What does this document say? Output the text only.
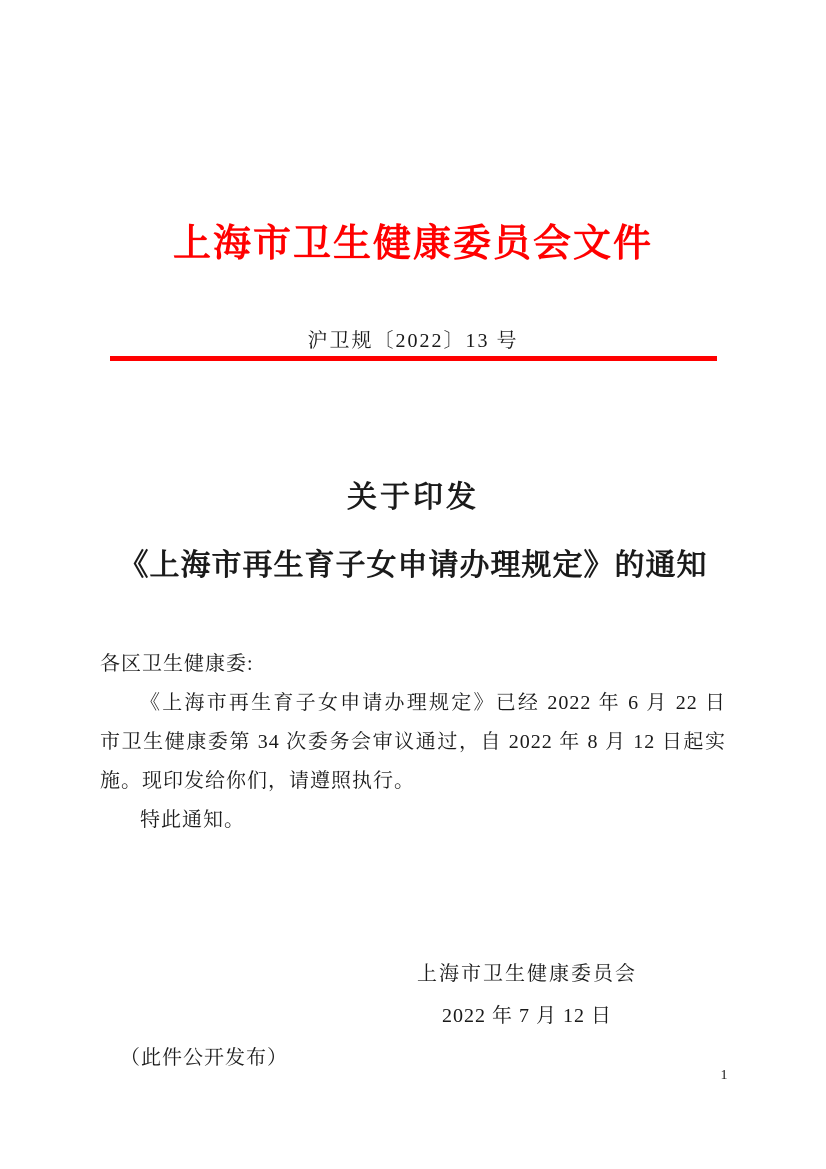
上海市卫生健康委员会文件
沪卫规〔2022〕13 号
关于印发
《上海市再生育子女申请办理规定》的通知
各区卫生健康委:
《上海市再生育子女申请办理规定》已经 2022 年 6 月 22 日
市卫生健康委第 34 次委务会审议通过，自 2022 年 8 月 12 日起实
施。现印发给你们，请遵照执行。
特此通知。
上海市卫生健康委员会
2022 年 7 月 12 日
（此件公开发布）
1
